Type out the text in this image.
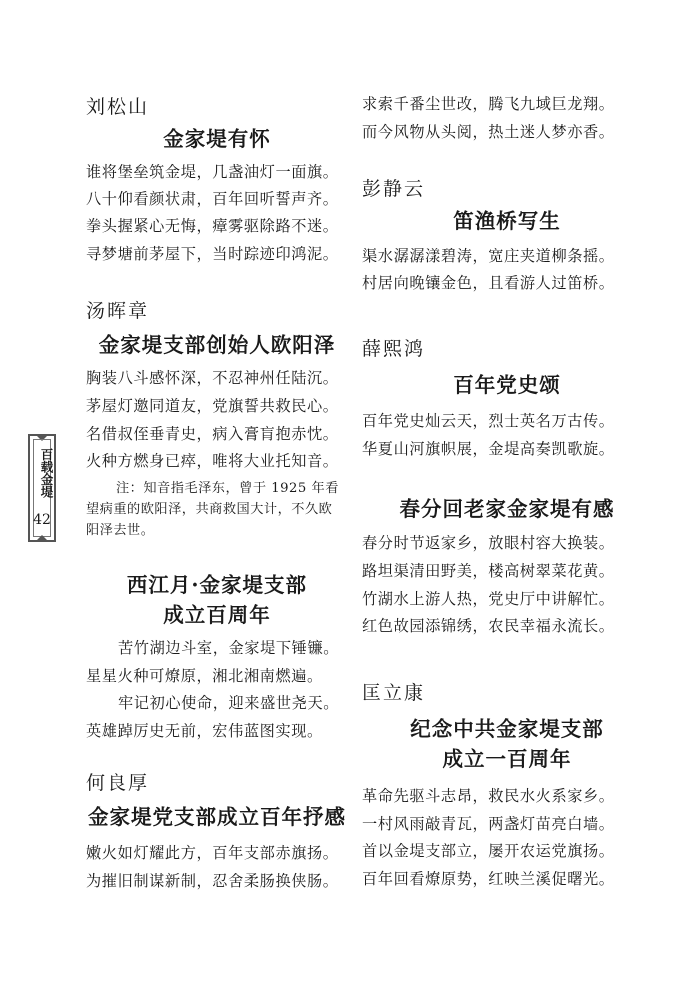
百载金堤
42
刘松山
金家堤有怀
谁将堡垒筑金堤，几盏油灯一面旗。
八十仰看颜状肃，百年回听誓声齐。
拳头握紧心无悔，瘴雾驱除路不迷。
寻梦塘前茅屋下，当时踪迹印鸿泥。
汤晖章
金家堤支部创始人欧阳泽
胸装八斗感怀深，不忍神州任陆沉。
茅屋灯邀同道友，党旗誓共救民心。
名借叔侄垂青史，病入膏肓抱赤忱。
火种方燃身已瘁，唯将大业托知音。
注：知音指毛泽东，曾于 1925 年看
望病重的欧阳泽，共商救国大计，不久欧
阳泽去世。
西江月·金家堤支部
成立百周年
苦竹湖边斗室，金家堤下锤镰。
星星火种可燎原，湘北湘南燃遍。
牢记初心使命，迎来盛世尧天。
英雄踔厉史无前，宏伟蓝图实现。
何良厚
金家堤党支部成立百年抒感
嫩火如灯耀此方，百年支部赤旗扬。
为摧旧制谋新制，忍舍柔肠换侠肠。
求索千番尘世改，腾飞九域巨龙翔。
而今风物从头阅，热土迷人梦亦香。
彭静云
笛渔桥写生
渠水潺潺漾碧涛，宽庄夹道柳条摇。
村居向晚镶金色，且看游人过笛桥。
薛熙鸿
百年党史颂
百年党史灿云天，烈士英名万古传。
华夏山河旗帜展，金堤高奏凯歌旋。
春分回老家金家堤有感
春分时节返家乡，放眼村容大换装。
路坦渠清田野美，楼高树翠菜花黄。
竹湖水上游人热，党史厅中讲解忙。
红色故园添锦绣，农民幸福永流长。
匡立康
纪念中共金家堤支部
成立一百周年
革命先驱斗志昂，救民水火系家乡。
一村风雨敲青瓦，两盏灯苗亮白墙。
首以金堤支部立，屡开农运党旗扬。
百年回看燎原势，红映兰溪促曙光。
